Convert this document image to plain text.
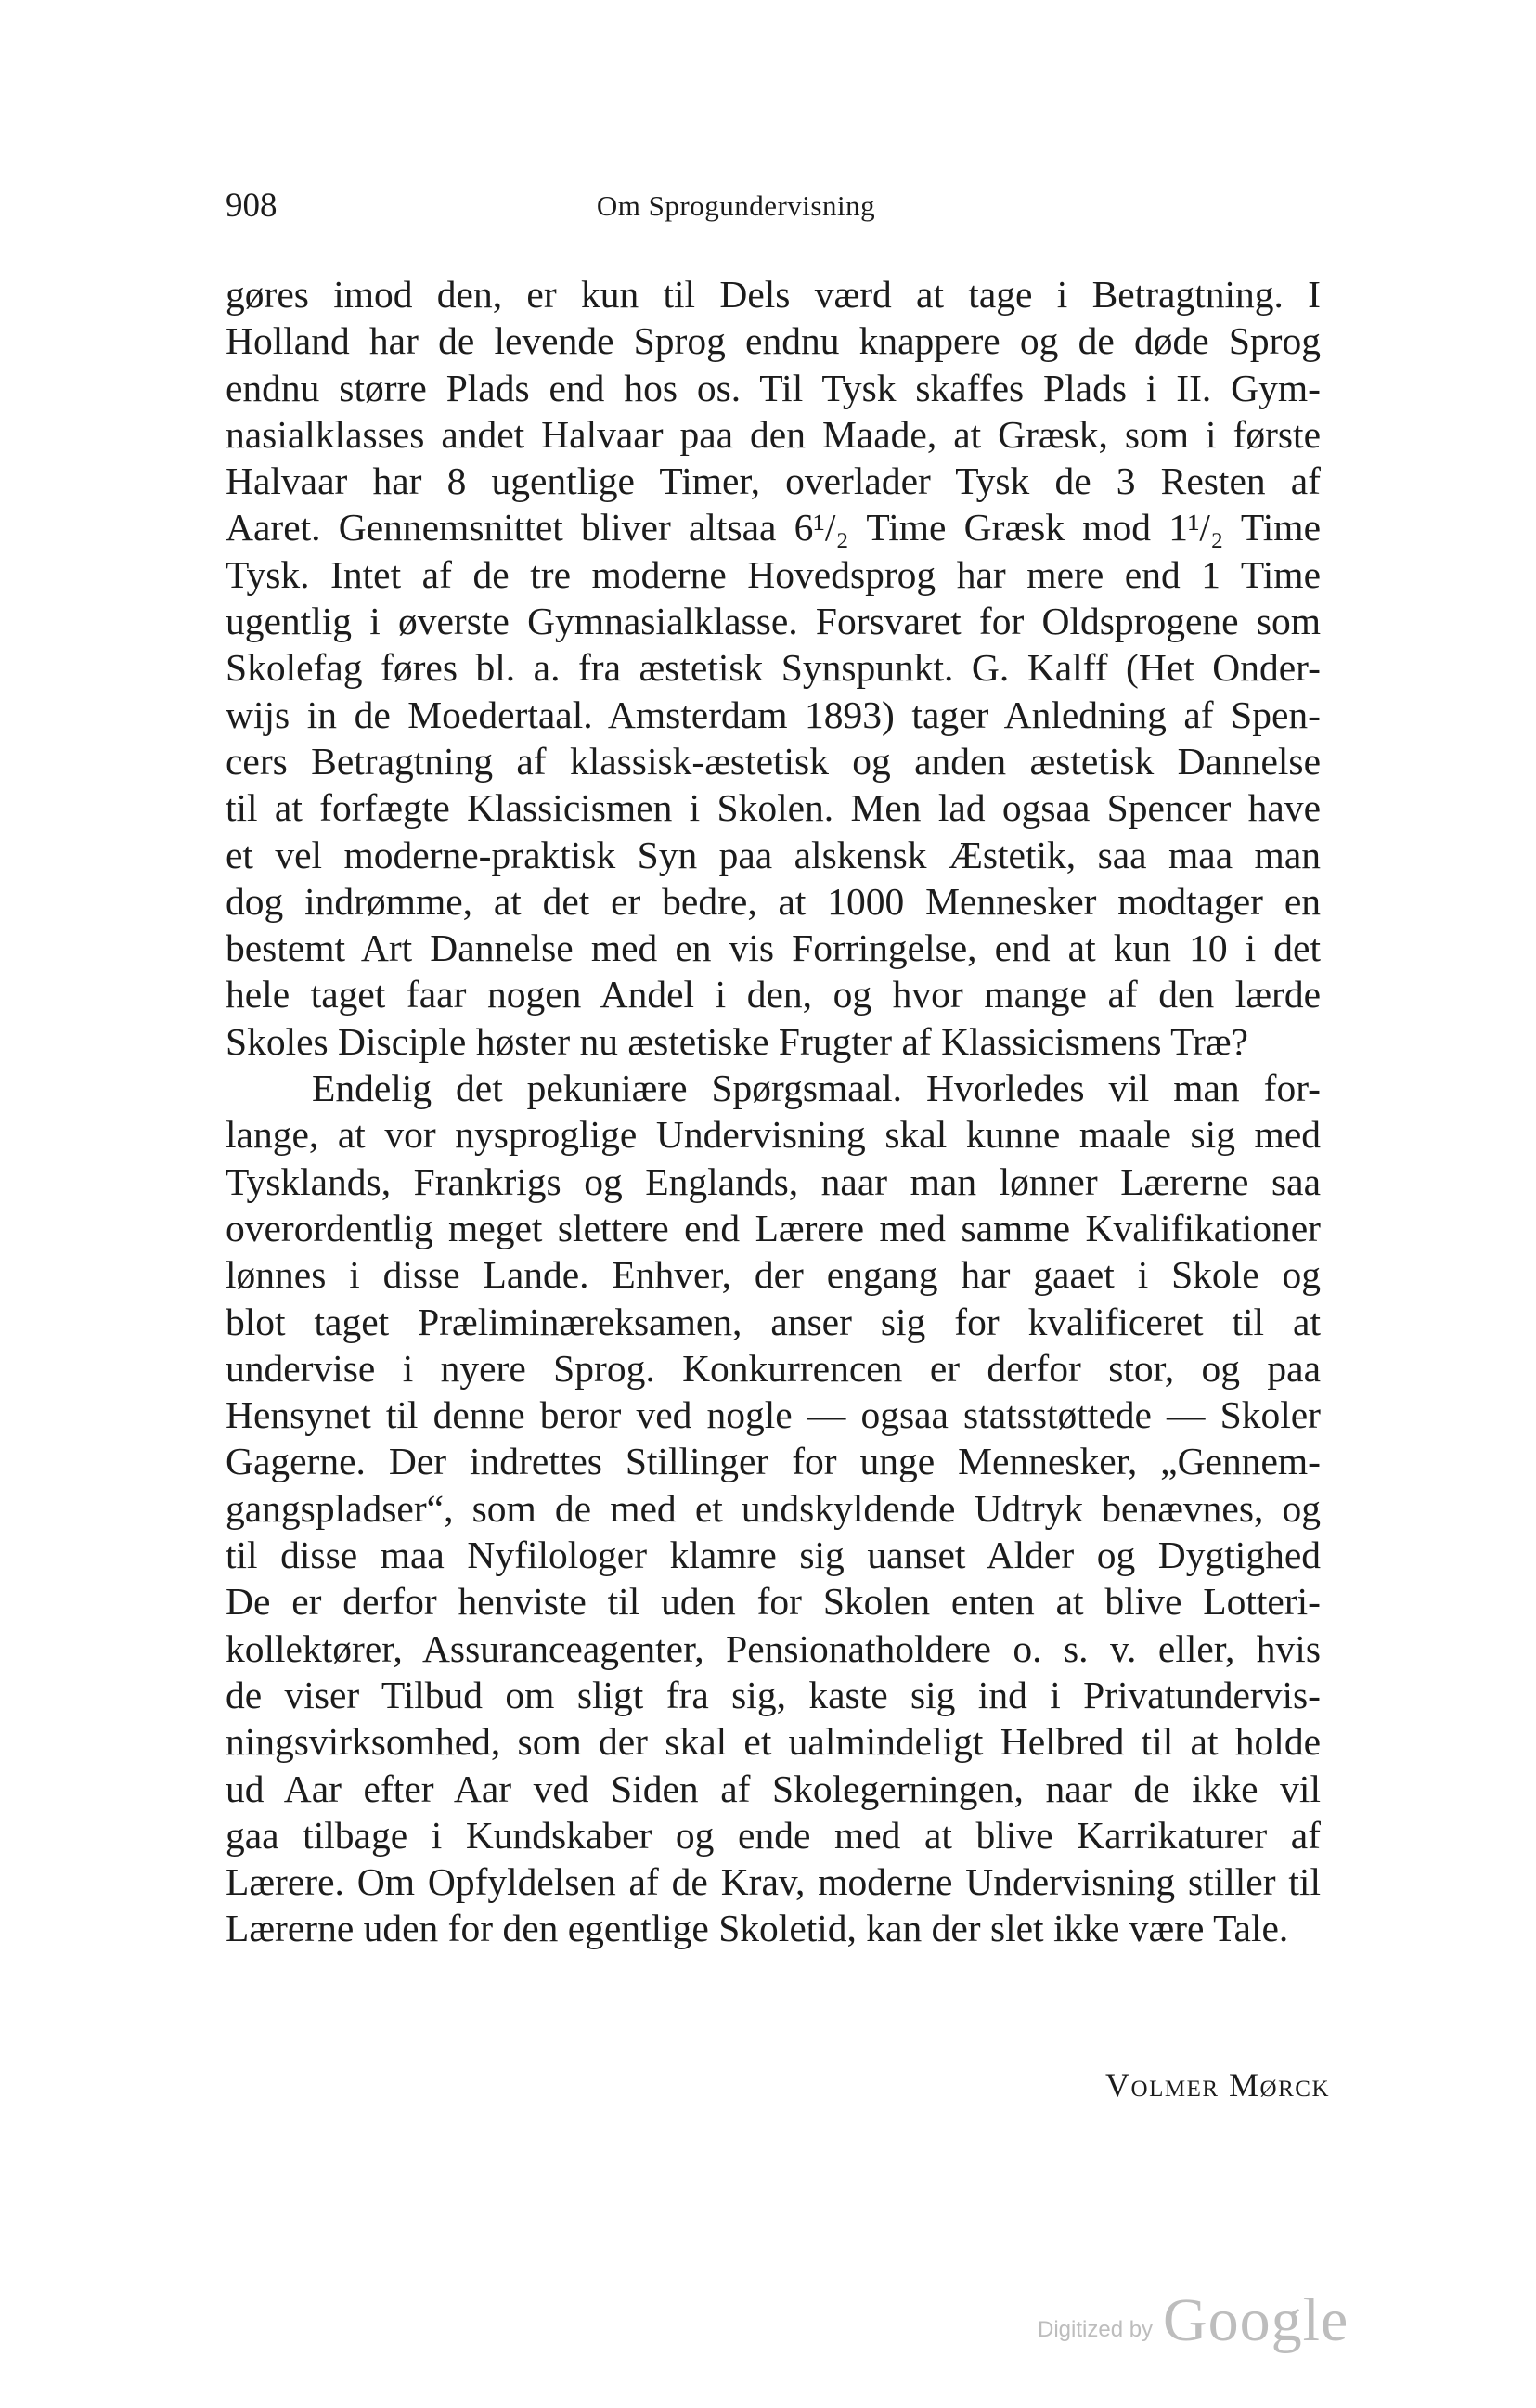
908	Om Sprogundervisning
gøres imod den, er kun til Dels værd at tage i Betragtning. I
Holland har de levende Sprog endnu knappere og de døde Sprog
endnu større Plads end hos os. Til Tysk skaffes Plads i II. Gym-
nasialklasses andet Halvaar paa den Maade, at Græsk, som i første
Halvaar har 8 ugentlige Timer, overlader Tysk de 3 Resten af
Aaret. Gennemsnittet bliver altsaa 6¹/₂ Time Græsk mod 1¹/₂ Time
Tysk. Intet af de tre moderne Hovedsprog har mere end 1 Time
ugentlig i øverste Gymnasialklasse. Forsvaret for Oldsprogene som
Skolefag føres bl. a. fra æstetisk Synspunkt. G. Kalff (Het Onder-
wijs in de Moedertaal. Amsterdam 1893) tager Anledning af Spen-
cers Betragtning af klassisk-æstetisk og anden æstetisk Dannelse
til at forfægte Klassicismen i Skolen. Men lad ogsaa Spencer have
et vel moderne-praktisk Syn paa alskensk Æstetik, saa maa man
dog indrømme, at det er bedre, at 1000 Mennesker modtager en
bestemt Art Dannelse med en vis Forringelse, end at kun 10 i det
hele taget faar nogen Andel i den, og hvor mange af den lærde
Skoles Disciple høster nu æstetiske Frugter af Klassicismens Træ?
Endelig det pekuniære Spørgsmaal. Hvorledes vil man for-
lange, at vor nysproglige Undervisning skal kunne maale sig med
Tysklands, Frankrigs og Englands, naar man lønner Lærerne saa
overordentlig meget slettere end Lærere med samme Kvalifikationer
lønnes i disse Lande. Enhver, der engang har gaaet i Skole og
blot taget Præliminæreksamen, anser sig for kvalificeret til at
undervise i nyere Sprog. Konkurrencen er derfor stor, og paa
Hensynet til denne beror ved nogle — ogsaa statsstøttede — Skoler
Gagerne. Der indrettes Stillinger for unge Mennesker, „Gennem-
gangspladser“, som de med et undskyldende Udtryk benævnes, og
til disse maa Nyfilologer klamre sig uanset Alder og Dygtighed
De er derfor henviste til uden for Skolen enten at blive Lotteri-
kollektører, Assuranceagenter, Pensionatholdere o. s. v. eller, hvis
de viser Tilbud om sligt fra sig, kaste sig ind i Privatundervis-
ningsvirksomhed, som der skal et ualmindeligt Helbred til at holde
ud Aar efter Aar ved Siden af Skolegerningen, naar de ikke vil
gaa tilbage i Kundskaber og ende med at blive Karrikaturer af
Lærere. Om Opfyldelsen af de Krav, moderne Undervisning stiller til
Lærerne uden for den egentlige Skoletid, kan der slet ikke være Tale.
Volmer Mørck
Digitized by Google
